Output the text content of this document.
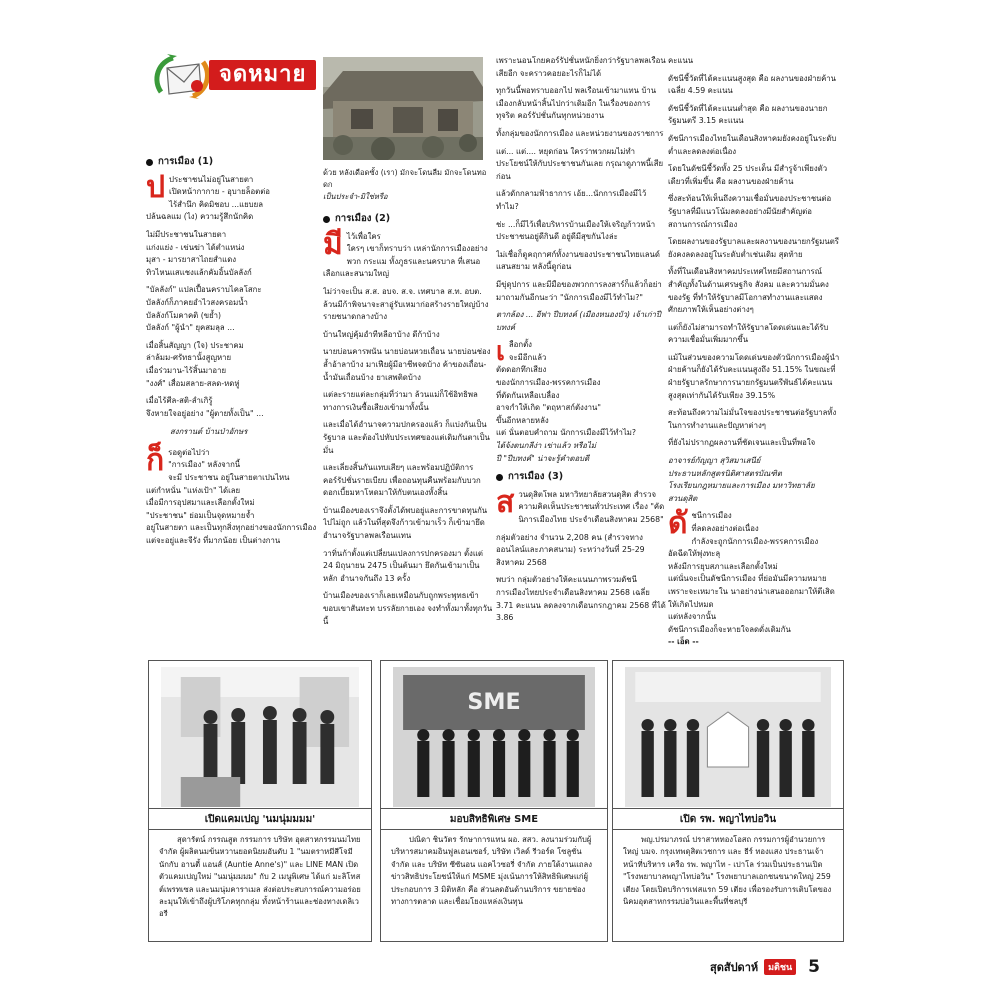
จดหมาย
การเมือง (1)

ป ประชาชนไม่อยู่ในสายตา
เปิดหน้ากากาย - อุบายล็อตต่อ
ไร้สำนึก คิดมิชอบ ...แยบยล
ปล้นฉลแม (ไง) ความรู้สึกนักคิด

ไม่มีประชาชนในสายตา
แก่งแย่ง - เข่นฆ่า ได้ตำแหน่ง
มุสา - มารยาสาไถยสำแดง
ทิวไหนแสแชงแล้กคัมอิ้นบัลลังก์

"บัลลังก์" แปลเปื้อนคราบไคลโสกะ
บัลลังก์ก็ภาคยอำไวสงครอมน้ำ
บัลลังก์โมคาคติ (ขย้ำ)
บัลลังก์ "ผู้นำ" ยุคสมลุล ...

เมื่อสิ้นสัญญา (ใจ) ประชาคม
ล่าล้มม-ศรัทธานั้งสูญหาย
เมื่อร่วมาน-ไร้สิ้นมาอาย
"งงศ์" เสื่อมสลาย-สลด-หดหู่

เมื่อไร้ศีล-สติ-ลำเกิรู้
จึงหายใจอยู่อย่าง "ผู้ตายทั้งเป็น" ...

สงกรานต์ บ้านป่าอักษร

ก็ รอดูต่อไปว่า
"การเมือง" หลังจากนี้
จะมี ประชาชน อยู่ในสายตาเปนไหน
แต่กำหนั่น "แห่งเป้า" ได้เลย
เมื่อมีการอุปสมาและเลือกตั้งใหม่
"ประชาชน" ย่อมเป็นจุดหมายจ้ำ
อยู่ในสายตา และเป็นทุกสิ่งทุกอย่างของนักการเมือง
แต่จะอยู่และจีรัง ที่มากน้อย เป็นต่างกาน

ด้วย หลังเดือดซั้ง (เรา) มักจะโดนลืม มักจะโดนทอดก
เป็นประจำ-มิใช่หรือ
การเมือง (2)

มี ไว้เพื่อใคร
ใครๆ เขาก็ทราบว่า เหล่านักการเมืองอย่างพวก กระแม ทั้งภูธรและนครบาล ที่เสนอเลือกและสนามใหญ่

ไม่ว่าจะเป็น ส.ส. อบจ. ส.จ. เทศบาล ส.ท. อบต. ล้วนมีก้าพิจนาจะสาอู่รับเหมาก่อสร้างรายใหญ่บ้าง รายชนาดกลางบ้าง

บ้านใหญ่คุ้มอำทีหลีอาบ้าง ดีก้าบ้าง

นายบ่อนคารพนัน นายบ่อนหวยเถื่อน นายบ่อนช่องล้ำอ้าลาบ้าง มาเฟียผู้มีอาชีพจดบ้าง ค้าของเถื่อน-น้ำมันเถื่อนบ้าง ยาเสพติดบ้าง

แต่ละรายแต่ละกลุ่มที่ว่ามา ล้วนแม่ก็ใช้อิทธิพลทางการเงินซื้อเสียงเข้ามาทั้งนั้น

และเมื่อได้อำนาจความปกครองแล้ว ก็แบ่งกันเป็นรัฐบาล และต้องไปทับประเทศของแต่เดิมกันตาเป็นมั่น

และเลี่ยงสิ้นกันแทบเสียๆ และพร้อมปฏิบัติการคอร์รัปชั่นรายเบียบ เพื่อถอนทุนคืนพร้อมกับบวกดอกเบี้ยมหาโหดมาให้กับตนเองทั้งสิ้น

บ้านเมืองของเราจึงตั้งได้พบอยู่และการขาดทุนกัน ไปไม่ถูก แล้วในที่สุดจึงก้าวเข้ามาเร็ว ก็เข้ามายึดอำนาจรัฐบาลพลเรือนแทน

วาทิ่นก้าตั้งแต่เปลี่ยนแปลงการปกครองมา ตั้งแต่ 24 มิถุนายน 2475 เป็นต้นมา ยึดกันเข้ามาเป็นหลัก อำนาจกันถึง 13 ครั้ง

บ้านเมืองของเราก็เลยเหมือนกับถูกพระพุทธเข้า ขอบเขาสันทะท บรรลัยกายเอง จงทำทั้งมาทั้งทุกวันนี้

เพราะนอนโกยคอร์รัปชั่นหนักยิ่งกว่ารัฐบาลพลเรือนเสียอีก จะคราวคอยอะไรก็ไม่ได้

ทุกวันนี้พอทราบออกไป พลเรือนเข้ามาแทน บ้านเมืองกลับหน้าสิ้นไปกว่าเดิมอีก ในเรื่องของการทุจริต คอร์รัปชั่นกันทุกหน่วยงาน

ทั้งกลุ่มของนักการเมือง และหน่วยงานของราชการ

แต่... แต่.... หยุดก่อน ใครว่าพวกผมไม่ทำประโยชน์ให้กับประชาชนกันเลย กรุณาดูภาพนี้เสียก่อน

แล้วดักกลามฟ้าธาการ เอ้ย...นักการเมืองมีไว้ทำไม?

ช่ะ ...ก็มีไว้เพื่อบริหารบ้านเมืองให้เจริญก้าวหน้า ประชาชนอยู่ดีกินดี อยู่ดีมีสุขกันไงล่ะ

ไม่เชื่อก็ดูคฤกาศก์ทั้งงานของประชาชนไทยแลนด์แสนสยาม หลังนี้ดูก่อน

มีขุ่ดุปการ และมีมือของพวกการลงสาร์ก็แล้วก็อย่ามาถามกันอีกนะว่า "นักการเมืองมีไว้ทำไม?"

ตากล้อง ... อีฟา ปีบทงค์ (เมืองหนองบัว) เจ้าเก่าปีบทงค์

เ ลือกตั้ง
จะมีอีกแล้ว
ตัดดอกทึกเสียง
ของนักการเมือง-พรรคการเมือง
ที่ตัดกันเหลือเบลื่อง
อาจกำให้เกิด "ตฤหาสก์ตังงาน"
ขึ้นอีกหลายหลัง
แต่ นั่นตอบคำถาม นักการเมืองมีไว้ทำไม?
ได้จ้งตนกลีง่า เข่าแล้ว หรือไม่
ปี "ปีบทงค์" น่าจะรู้คำตอบดี

การเมือง (3)

ส วนดุสิตโพล มหาวิทยาลัยสวนดุสิต สำรวจความคิดเห็นประชาชนทั่วประเทศ เรื่อง "คัดนิการเมืองไทย ประจำเดือนสิงหาคม 2568"

กลุ่มตัวอย่าง จำนวน 2,208 คน (สำรวจทางออนไลน์และภาคสนาม) ระหว่างวันที่ 25-29 สิงหาคม 2568

พบว่า กลุ่มตัวอย่างให้คะแนนภาพรวมดัชนีการเมืองไทยประจำเดือนสิงหาคม 2568 เฉลี่ย 3.71 คะแนน ลดลงจากเดือนกรกฎาคม 2568 ที่ได้ 3.86

คะแนน

ดัชนีชี้วัดที่ได้คะแนนสูงสุด คือ ผลงานของฝ่ายค้าน เฉลี่ย 4.59 คะแนน

ดัชนีชี้วัดที่ได้คะแนนต่ำสุด คือ ผลงานของนายกรัฐมนตรี 3.15 คะแนน

ดัชนีการเมืองไทยในเดือนสิงหาคมยังคงอยู่ในระดับต่ำและลดลงต่อเนื่อง

โดยในดัชนีชี้วัดทั้ง 25 ประเด็น มีสำรูจ้าเพียงตัวเดียวที่เพิ่มขึ้น คือ ผลงานของฝ่ายค้าน

ซึ่งสะท้อนให้เห็นถึงความเชื่อมั่นของประชาชนต่อรัฐบาลที่มีแนวโน้มลดลงอย่างมีนัยสำคัญต่อสถานการณ์การเมือง

โดยผลงานของรัฐบาลและผลงานของนายกรัฐมนตรียังคงลดลงอยู่ในระดับต่ำเช่นเดิม สุดท้าย

ทั้งที่ในเดือนสิงหาคมประเทศไทยมีสถานการณ์สำคัญทั้งในด้านเศรษฐกิจ สังคม และความมั่นคงของรัฐ ที่ทำให้รัฐบาลมีโอกาสทำงานและแสดงศักยภาพให้เห็นอย่างต่างๆ

แต่ก็ยังไม่สามารถทำให้รัฐบาลโดดเด่นและได้รับความเชื่อมั่นเพิ่มมากขึ้น

แม้ในส่วนของความโดดเด่นของตัวนักการเมืองผู้นำฝ่ายค้านก็ยังได้รับคะแนนสูงถึง 51.15% ในขณะที่ฝ่ายรัฐบาลรักษาการนายกรัฐมนตรีพันธ์ได้คะแนนสูงสุดเท่ากันได้รับเพียง 39.15%

สะท้อนถึงความไม่มั่นใจของประชาชนต่อรัฐบาลทั้งในการทำงานและปัญหาต่างๆ

ที่ยังไม่ปรากฏผลงานที่ชัดเจนและเป็นที่พอใจ

อาจารย์กัญญา สุวิสมาเสนีย์
ประธานหลักสูตรนิติศาสตรบัณฑิต
โรงเรียนกฎหมายและการเมือง มหาวิทยาลัยสวนดุสิต

ดั ชนีการเมือง
ที่ลดลงอย่างต่อเนื่อง
กำลังจะถูกนักการเมือง-พรรคการเมือง
อัดฉีดให้พุ่งทะลุ
หลังมีการยุบสภาและเลือกตั้งใหม่
แต่นั่นจะเป็นดัชนีการเมือง ที่ย่อมันมีความหมาย
เพราะจะเหมาะใน นาอย่างน่าเสนอออกมาให้ตีเสิดให้เกิดไปหมด
แต่หลังจากนั้น
ดัชนีการเมืองก็จะหายใจลดดั่งเดิมกัน
-- เอ็ด --

เปิดแคมเปญ 'นมนุ่มมมม'
สุดารัตน์ กรรณสูต กรรมการ บริษัท อุตสาหกรรมนมไทย จำกัด ผู้ผลิตนมข้นหวานยอดนิยมอันดับ 1 "นมตราหมีสีโจมีนักกับ อานตี้ แอนส์ (Auntie Anne's)" และ LINE MAN เปิดตัวแคมเปญใหม่ "นมนุ่มมมม" กับ 2 เมนูพิเศษ ได้แก่ มะลิโทสต์เพรทเซล และนมนุ่มคาราเมล ส่งต่อประสบการณ์ความอร่อยละมุนให้เข้าถึงผู้บริโภคทุกกลุ่ม ทั้งหน้าร้านและช่องทางเดลิเวอรี
SME
มอบสิทธิพิเศษ SME
ปณิดา ชินวัตร รักษาการแทน ผอ. สสว. ลงนามร่วมกับผู้บริหารสมาคมอินฟูลเอนเซอร์, บริษัท เวิลด์ รีวอร์ด โซลูชั่น จำกัด และ บริษัท ซีซันอน แอคไวซอรี่ จำกัด ภายใต้งานแถลงข่าวสิทธิประโยชน์ให้แก่ MSME มุ่งเน้นการให้สิทธิพิเศษแก่ผู้ประกอบการ 3 มิติหลัก คือ ส่วนลดอันด้านบริการ ขยายช่องทางการตลาด และเชื่อมโยงแหล่งเงินทุน
เปิด รพ. พญาไทบ่อวิน
พญ.ปรมาภรณ์ ปราสาททองโอสถ กรรมการผู้อำนวยการใหญ่ บมจ. กรุงเทพดุสิตเวชการ และ ธีร์ ทองแสง ประธานเจ้าหน้าที่บริหาร เครือ รพ. พญาไท - เปาโล ร่วมเป็นประธานเปิด "โรงพยาบาลพญาไทบ่อวิน" โรงพยาบาลเอกชนขนาดใหญ่ 259 เตียง โดยเปิดบริการเฟสแรก 59 เตียง เพื่อรองรับการเติบโตของนิคมอุตสาหกรรมบ่อวินและพื้นที่ชลบุรี
สุดสัปดาห์	มติชน 5
